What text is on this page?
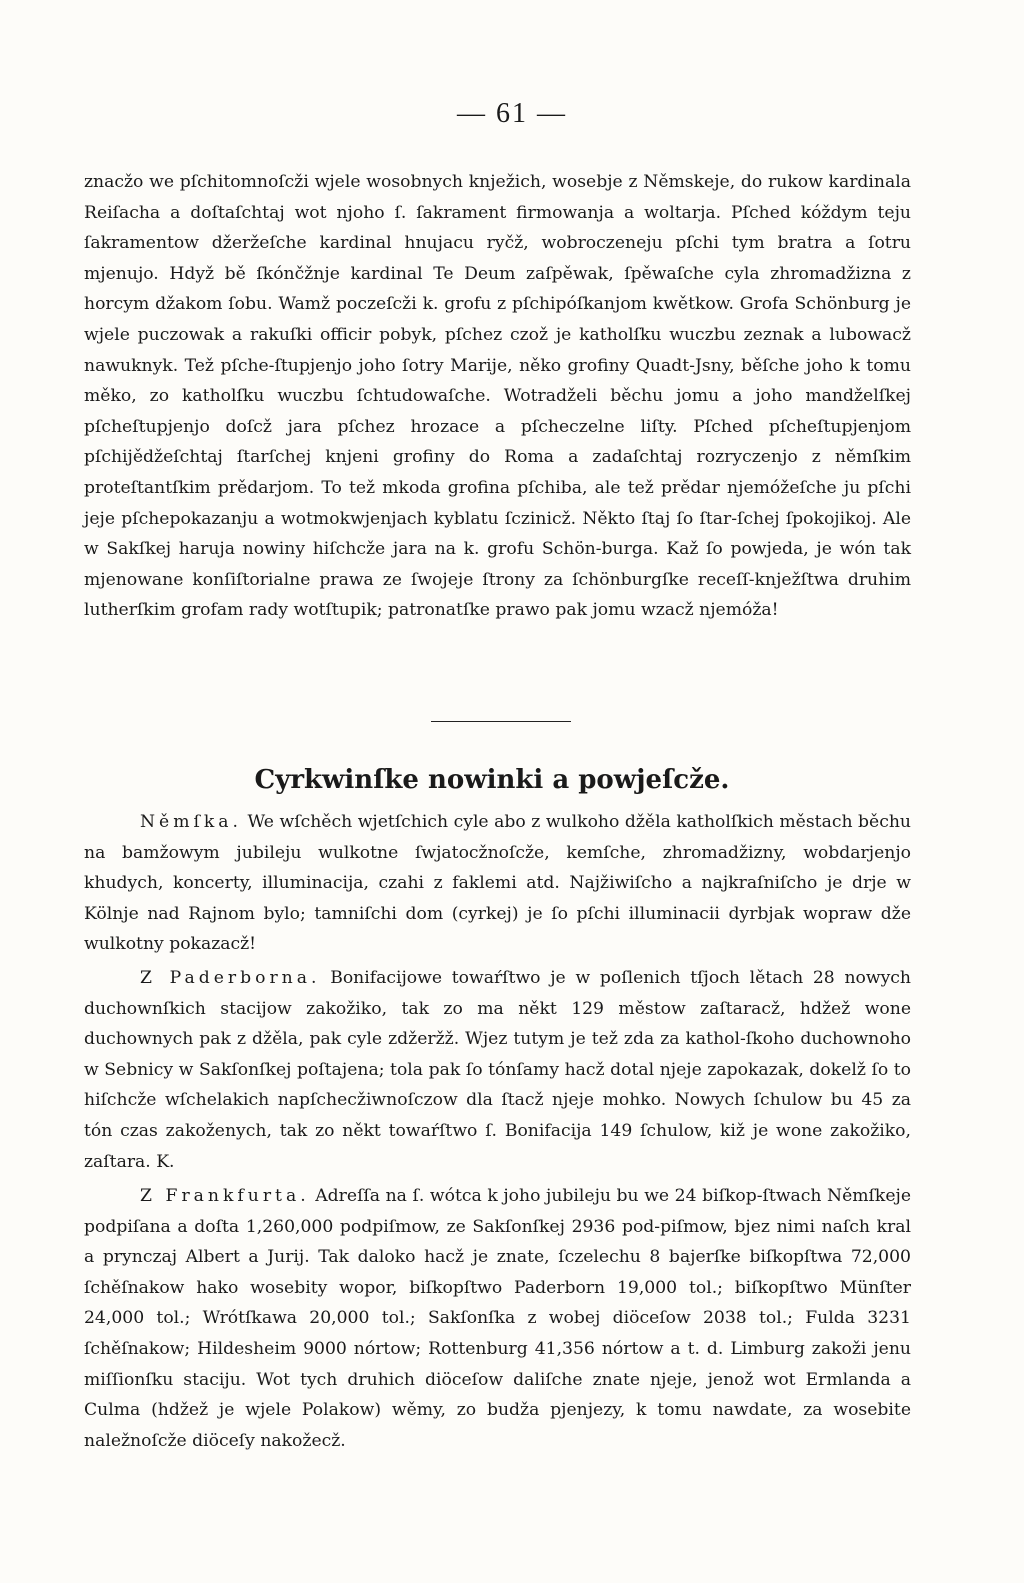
— 61 —

znacžo we pſchitomnoſcži wjele wosobnych knježich, wosebje z Němskeje, do rukow kardinala Reiſacha a doſtaſchtaj wot njoho ſ. ſakrament firmowanja a woltarja. Pſched kóždym teju ſakramentow džeržeſche kardinal hnujacu ryčž, wobroczeneju pſchi tym bratra a ſotru mjenujo. Hdyž bě ſkónčžnje kardinal Te Deum zaſpěwak, ſpěwaſche cyla zhromadžizna z horcym džakom ſobu. Wamž poczeſcži k. grofu z pſchipóſkanjom kwětkow. Grofa Schönburg je wjele puczowak a rakuſki officir pobyk, pſchez czož je katholſku wuczbu zeznak a lubowacž nawuknyk. Tež pſche-ſtupjenjo joho ſotry Marije, něko grofiny Quadt-Jsny, běſche joho k tomu měko, zo katholſku wuczbu ſchtudowaſche. Wotradželi běchu jomu a joho mandželſkej pſcheſtupjenjo doſcž jara pſchez hrozace a pſcheczelne liſty. Pſched pſcheſtupjenjom pſchijědžeſchtaj ſtarſchej knjeni grofiny do Roma a zadaſchtaj rozryczenjo z němſkim proteſtantſkim prědarjom. To tež mkoda grofina pſchiba, ale tež prědar njemóžeſche ju pſchi jeje pſchepokazanju a wotmokwjenjach kyblatu ſczinicž. Někto ſtaj ſo ſtar-ſchej ſpokojikoj. Ale w Sakſkej haruja nowiny hiſchcže jara na k. grofu Schön-burga. Kaž ſo powjeda, je wón tak mjenowane konſiſtorialne prawa ze ſwojeje ſtrony za ſchönburgſke receſſ-knježſtwa druhim lutherſkim grofam rady wotſtupik; patronatſke prawo pak jomu wzacž njemóža!

Cyrkwinſke nowinki a powjeſcže.

Němſka. We wſchěch wjetſchich cyle abo z wulkoho džěla katholſkich městach běchu na bamžowym jubileju wulkotne ſwjatocžnoſcže, kemſche, zhromadžizny, wobdarjenjo khudych, koncerty, illuminacija, czahi z faklemi atd. Najžiwiſcho a najkraſniſcho je drje w Kölnje nad Rajnom bylo; tamniſchi dom (cyrkej) je ſo pſchi illuminacii dyrbjak wopraw dže wulkotny pokazacž!

Z Paderborna. Bonifacijowe towaŕſtwo je w poſlenich tſjoch lětach 28 nowych duchownſkich stacijow zakožiko, tak zo ma někt 129 městow zaſtaracž, hdžež wone duchownych pak z džěla, pak cyle zdžeržž. Wjez tutym je tež zda za kathol-ſkoho duchownoho w Sebnicy w Sakſonſkej poſtajena; tola pak ſo tónſamy hacž dotal njeje zapokazak, dokelž ſo to hiſchcže wſchelakich napſchecžiwnoſczow dla ſtacž njeje mohko. Nowych ſchulow bu 45 za tón czas zakoženych, tak zo někt towaŕſtwo ſ. Bonifacija 149 ſchulow, kiž je wone zakožiko, zaſtara. K.

Z Frankfurta. Adreſſa na ſ. wótca k joho jubileju bu we 24 biſkop-ſtwach Němſkeje podpiſana a doſta 1,260,000 podpiſmow, ze Sakſonſkej 2936 pod-piſmow, bjez nimi naſch kral a prynczaj Albert a Jurij. Tak daloko hacž je znate, ſczelechu 8 bajerſke biſkopſtwa 72,000 ſchěſnakow hako wosebity wopor, biſkopſtwo Paderborn 19,000 tol.; biſkopſtwo Münſter 24,000 tol.; Wrótſkawa 20,000 tol.; Sakſonſka z wobej diöceſow 2038 tol.; Fulda 3231 ſchěſnakow; Hildesheim 9000 nórtow; Rottenburg 41,356 nórtow a t. d. Limburg zakoži jenu miſſionſku staciju. Wot tych druhich diöceſow daliſche znate njeje, jenož wot Ermlanda a Culma (hdžež je wjele Polakow) wěmy, zo budža pjenjezy, k tomu nawdate, za wosebite naležnoſcže diöceſy nakožecž.
